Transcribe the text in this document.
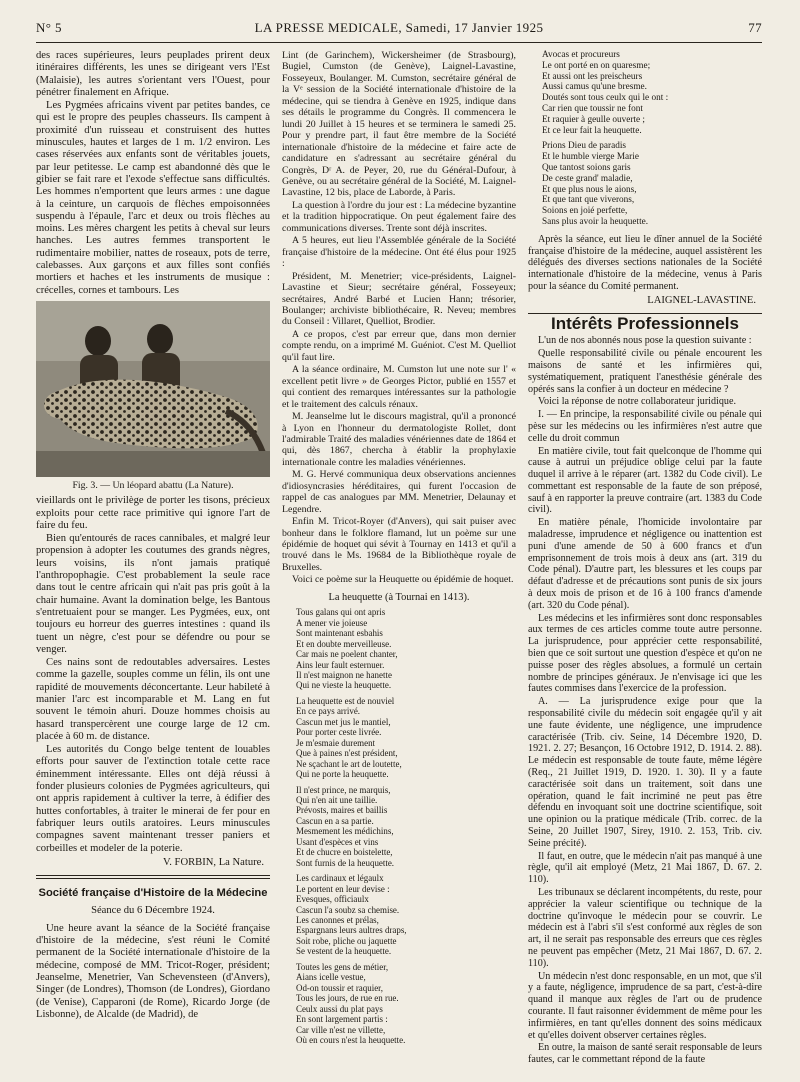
N° 5	LA PRESSE MEDICALE, Samedi, 17 Janvier 1925	77

des races supérieures, leurs peuplades prirent deux itinéraires différents, les unes se dirigeant vers l'Est (Malaisie), les autres s'orientant vers l'Ouest, pour pénétrer finalement en Afrique.

Les Pygmées africains vivent par petites bandes, ce qui est le propre des peuples chasseurs. Ils campent à proximité d'un ruisseau et construisent des huttes minuscules, hautes et larges de 1 m. 1/2 environ. Les cases réservées aux enfants sont de véritables jouets, par leur petitesse. Le camp est abandonné dès que le gibier se fait rare et l'exode s'effectue sans difficultés. Les hommes n'emportent que leurs armes : une dague à la ceinture, un carquois de flèches empoisonnées suspendu à l'épaule, l'arc et deux ou trois flèches au moins. Les mères chargent les petits à cheval sur leurs hanches. Les autres femmes transportent le rudimentaire mobilier, nattes de roseaux, pots de terre, calebasses. Aux garçons et aux filles sont confiés mortiers et haches et les instruments de musique : crécelles, cornes et tambours. Les

Fig. 3. — Un léopard abattu (La Nature).

vieillards ont le privilège de porter les tisons, précieux exploits pour cette race primitive qui ignore l'art de faire du feu.

Bien qu'entourés de races cannibales, et malgré leur propension à adopter les coutumes des grands nègres, leurs voisins, ils n'ont jamais pratiqué l'anthropophagie. C'est probablement la seule race dans tout le centre africain qui n'ait pas pris goût à la chair humaine. Avant la domination belge, les Bantous s'entretuaient pour se manger. Les Pygmées, eux, ont toujours eu horreur des guerres intestines : quand ils tuent un nègre, c'est pour se défendre ou pour se venger.

Ces nains sont de redoutables adversaires. Lestes comme la gazelle, souples comme un félin, ils ont une rapidité de mouvements déconcertante. Leur habileté à manier l'arc est incomparable et M. Lang en fut souvent le témoin ahuri. Douze hommes choisis au hasard transpercèrent une courge large de 12 cm. placée à 60 m. de distance.

Les autorités du Congo belge tentent de louables efforts pour sauver de l'extinction totale cette race éminemment intéressante. Elles ont déjà réussi à fonder plusieurs colonies de Pygmées agriculteurs, qui ont appris rapidement à cultiver la terre, à édifier des huttes confortables, à traiter le minerai de fer pour en fabriquer leurs outils aratoires. Leurs minuscules compagnes savent maintenant tresser paniers et corbeilles et modeler de la poterie.

V. FORBIN, La Nature.
Société française d'Histoire de la Médecine
Séance du 6 Décembre 1924.

Une heure avant la séance de la Société française d'histoire de la médecine, s'est réuni le Comité permanent de la Société internationale d'histoire de la médecine, composé de MM. Tricot-Roger, président; Jeanselme, Menetrier, Van Schevensteen (d'Anvers), Singer (de Londres), Thomson (de Londres), Giordano (de Venise), Capparoni (de Rome), Ricardo Jorge (de Lisbonne), de Alcalde (de Madrid), de

Lint (de Garinchem), Wickersheimer (de Strasbourg), Bugiel, Cumston (de Genève), Laignel-Lavastine, Fosseyeux, Boulanger. M. Cumston, secrétaire général de la Vᵉ session de la Société internationale d'histoire de la médecine, qui se tiendra à Genève en 1925, indique dans ses détails le programme du Congrès. Il commencera le lundi 20 Juillet à 15 heures et se terminera le samedi 25. Pour y prendre part, il faut être membre de la Société internationale d'histoire de la médecine et faire acte de candidature en s'adressant au secrétaire général du Congrès, Dʳ A. de Peyer, 20, rue du Général-Dufour, à Genève, ou au secrétaire général de la Société, M. Laignel-Lavastine, 12 bis, place de Laborde, à Paris.

La question à l'ordre du jour est : La médecine byzantine et la tradition hippocratique. On peut également faire des communications diverses. Trente sont déjà inscrites.

A 5 heures, eut lieu l'Assemblée générale de la Société française d'histoire de la médecine. Ont été élus pour 1925 :

Président, M. Menetrier; vice-présidents, Laignel-Lavastine et Sieur; secrétaire général, Fosseyeux; secrétaires, André Barbé et Lucien Hann; trésorier, Boulanger; archiviste bibliothécaire, R. Neveu; membres du Conseil : Villaret, Quelliot, Brodier.

A ce propos, c'est par erreur que, dans mon dernier compte rendu, on a imprimé M. Guéniot. C'est M. Quelliot qu'il faut lire.

A la séance ordinaire, M. Cumston lut une note sur l' « excellent petit livre » de Georges Pictor, publié en 1557 et qui contient des remarques intéressantes sur la pathologie et le traitement des calculs rénaux.

M. Jeanselme lut le discours magistral, qu'il a prononcé à Lyon en l'honneur du dermatologiste Rollet, dont l'admirable Traité des maladies vénériennes date de 1864 et qui, dès 1867, chercha à établir la prophylaxie internationale contre les maladies vénériennes.

M. G. Hervé communiqua deux observations anciennes d'idiosyncrasies héréditaires, qui furent l'occasion de rappel de cas analogues par MM. Menetrier, Delaunay et Legendre.

Enfin M. Tricot-Royer (d'Anvers), qui sait puiser avec bonheur dans le folklore flamand, lut un poème sur une épidémie de hoquet qui sévit à Tournay en 1413 et qu'il a trouvé dans le Ms. 19684 de la Bibliothèque royale de Bruxelles.

Voici ce poème sur la Heuquette ou épidémie de hoquet.

La heuquette (à Tournai en 1413).
Tous galans qui ont apris
A mener vie joieuse
Sont maintenant esbahis
Et en doubte merveilleuse.
Car mais ne poelent chanter,
Ains leur fault esternuer.
Il n'est maignon ne hanette
Qui ne vieste la heuquette.
La heuquette est de nouviel
En ce pays arrivé.
Cascun met jus le mantiel,
Pour porter ceste livrée.
Je m'esmaie durement
Que à paines n'est président,
Ne sçachant le art de loutette,
Qui ne porte la heuquette.
Il n'est prince, ne marquis,
Qui n'en ait une taillie.
Prévosts, maires et baillis
Cascun en a sa partie.
Mesmement les médichins,
Usant d'espèces et vins
Et de chucre en boistelette,
Sont furnis de la heuquette.
Les cardinaux et légaulx
Le portent en leur devise :
Evesques, officiaulx
Cascun l'a soubz sa chemise.
Les canonnes et prélas,
Espargnans leurs aultres draps,
Soit robe, pliche ou jaquette
Se vestent de la heuquette.
Toutes les gens de métier,
Aians icelle vestue,
Od-on toussir et raquier,
Tous les jours, de rue en rue.
Ceulx aussi du plat pays
En sont largement partis :
Car ville n'est ne villette,
Où en cours n'est la heuquette.
Avocas et procureurs
Le ont porté en on quaresme;
Et aussi ont les preischeurs
Aussi camus qu'une bresme.
Doutés sont tous ceulx qui le ont :
Car rien que toussir ne font
Et raquier à geulle ouverte ;
Et ce leur fait la heuquette.
Prions Dieu de paradis
Et le humble vierge Marie
Que tantost soions garis
De ceste grand' maladie,
Et que plus nous le aions,
Et que tant que viverons,
Soions en joié perfette,
Sans plus avoir la heuquette.

Après la séance, eut lieu le dîner annuel de la Société française d'histoire de la médecine, auquel assistèrent les délégués des diverses sections nationales de la Société internationale d'histoire de la médecine, venus à Paris pour la séance du Comité permanent.

LAIGNEL-LAVASTINE.
Intérêts Professionnels

L'un de nos abonnés nous pose la question suivante :

Quelle responsabilité civile ou pénale encourent les maisons de santé et les infirmières qui, systématiquement, pratiquent l'anesthésie générale des opérés sans la confier à un docteur en médecine ?

Voici la réponse de notre collaborateur juridique.

I. — En principe, la responsabilité civile ou pénale qui pèse sur les médecins ou les infirmières n'est autre que celle du droit commun

En matière civile, tout fait quelconque de l'homme qui cause à autrui un préjudice oblige celui par la faute duquel il arrive à le réparer (art. 1382 du Code civil). Le commettant est responsable de la faute de son préposé, sauf à en rapporter la preuve contraire (art. 1383 du Code civil).

En matière pénale, l'homicide involontaire par maladresse, imprudence et négligence ou inattention est puni d'une amende de 50 à 600 francs et d'un emprisonnement de trois mois à deux ans (art. 319 du Code pénal). D'autre part, les blessures et les coups par défaut d'adresse et de précautions sont punis de six jours à deux mois de prison et de 16 à 100 francs d'amende (art. 320 du Code pénal).

Les médecins et les infirmières sont donc responsables aux termes de ces articles comme toute autre personne. La jurisprudence, pour apprécier cette responsabilité, bien que ce soit surtout une question d'espèce et qu'on ne puisse poser des règles absolues, a formulé un certain nombre de principes généraux. Je n'envisage ici que les fautes commises dans l'exercice de la profession.

A. — La jurisprudence exige pour que la responsabilité civile du médecin soit engagée qu'il y ait une faute évidente, une négligence, une imprudence caractérisée (Trib. civ. Seine, 14 Décembre 1920, D. 1921. 2. 27; Besançon, 16 Octobre 1912, D. 1914. 2. 88). Le médecin est responsable de toute faute, même légère (Req., 21 Juillet 1919, D. 1920. 1. 30). Il y a faute caractérisée soit dans un traitement, soit dans une opération, quand le fait incriminé ne peut pas être défendu en invoquant soit une doctrine scientifique, soit une opinion ou la pratique médicale (Trib. correc. de la Seine, 20 Juillet 1907, Sirey, 1910. 2. 153, Trib. civ. Seine précité).

Il faut, en outre, que le médecin n'ait pas manqué à une règle, qu'il ait employé (Metz, 21 Mai 1867, D. 67. 2. 110).

Les tribunaux se déclarent incompétents, du reste, pour apprécier la valeur scientifique ou technique de la doctrine qu'invoque le médecin pour se couvrir. Le médecin est à l'abri s'il s'est conformé aux règles de son art, il ne serait pas responsable des erreurs que ces règles ne peuvent pas empêcher (Metz, 21 Mai 1867, D. 67. 2. 110).

Un médecin n'est donc responsable, en un mot, que s'il y a faute, négligence, imprudence de sa part, c'est-à-dire quand il manque aux règles de l'art ou de prudence courante. Il faut raisonner évidemment de même pour les infirmières, en tant qu'elles donnent des soins médicaux et qu'elles doivent observer certaines règles.

En outre, la maison de santé serait responsable de leurs fautes, car le commettant répond de la faute
